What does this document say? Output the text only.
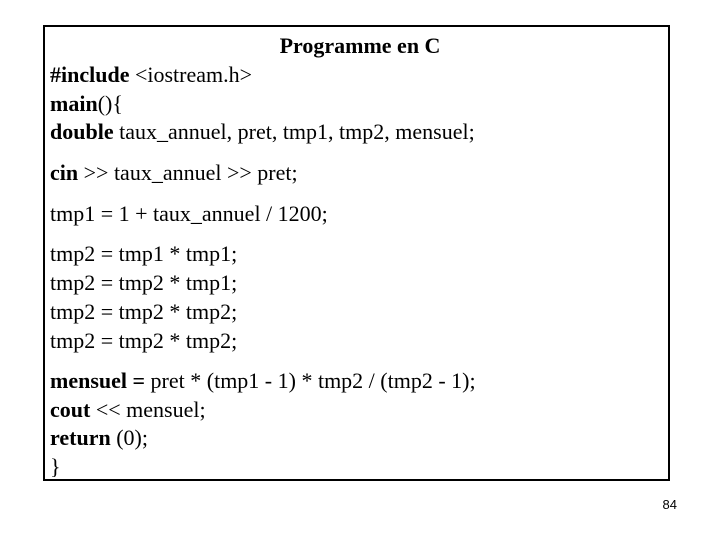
Programme en C
#include <iostream.h>
main(){
double taux_annuel, pret, tmp1, tmp2, mensuel;
cin >> taux_annuel >> pret;
tmp1 = 1 + taux_annuel / 1200;
tmp2 = tmp1 * tmp1;
tmp2 = tmp2 * tmp1;
tmp2 = tmp2 * tmp2;
tmp2 = tmp2 * tmp2;
mensuel = pret * (tmp1 - 1) * tmp2 / (tmp2 - 1);
cout << mensuel;
return (0);
}
84
